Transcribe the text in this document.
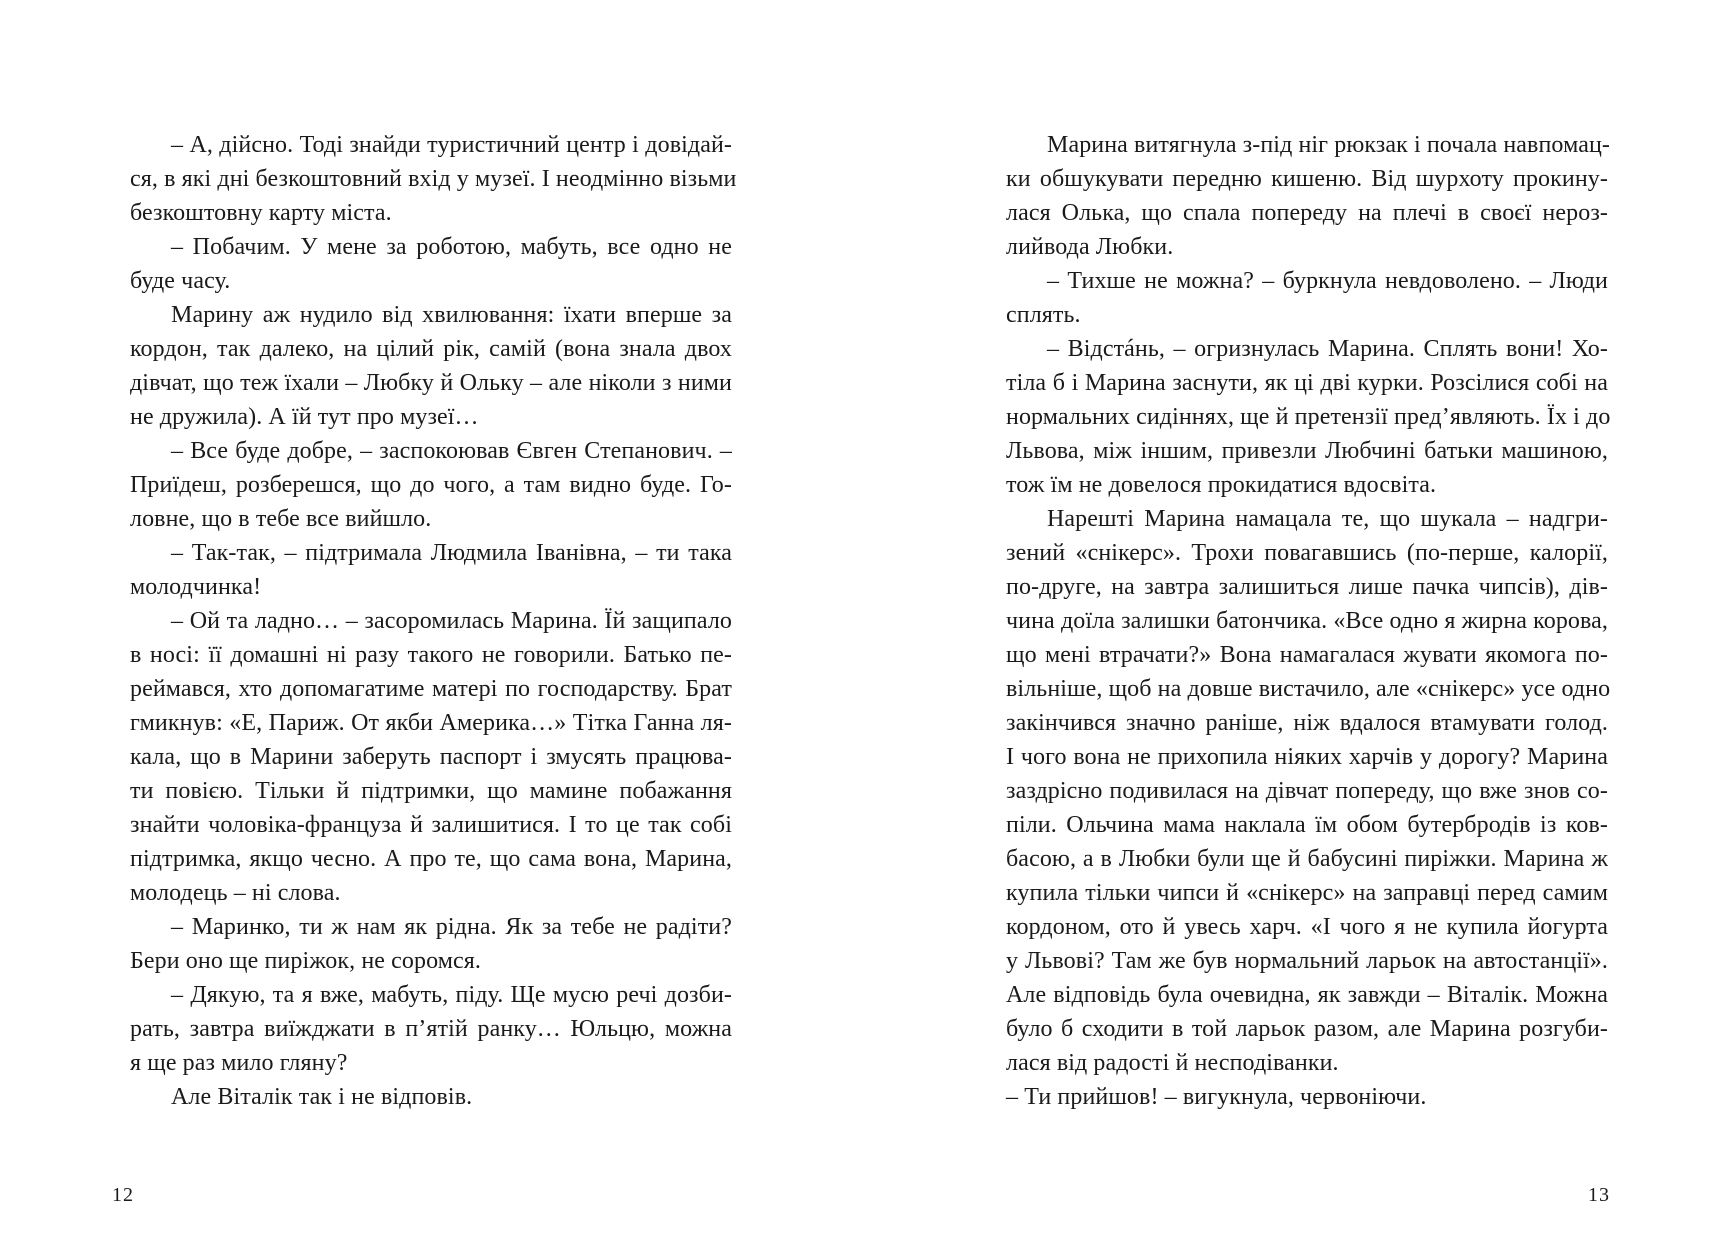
– А, дійсно. Тоді знайди туристичний центр і довідай-
ся, в які дні безкоштовний вхід у музеї. І неодмінно візьми
безкоштовну карту міста.
– Побачим. У мене за роботою, мабуть, все одно не
буде часу.
Марину аж нудило від хвилювання: їхати вперше за
кордон, так далеко, на цілий рік, самій (вона знала двох
дівчат, що теж їхали – Любку й Ольку – але ніколи з ними
не дружила). А їй тут про музеї…
– Все буде добре, – заспокоював Євген Степанович. –
Приїдеш, розберешся, що до чого, а там видно буде. Го-
ловне, що в тебе все вийшло.
– Так-так, – підтримала Людмила Іванівна, – ти така
молодчинка!
– Ой та ладно… – засоромилась Марина. Їй защипало
в носі: її домашні ні разу такого не говорили. Батько пе-
реймався, хто допомагатиме матері по господарству. Брат
гмикнув: «Е, Париж. От якби Америка…» Тітка Ганна ля-
кала, що в Марини заберуть паспорт і змусять працюва-
ти повією. Тільки й підтримки, що мамине побажання
знайти чоловіка-француза й залишитися. І то це так собі
підтримка, якщо чесно. А про те, що сама вона, Марина,
молодець – ні слова.
– Маринко, ти ж нам як рідна. Як за тебе не радіти?
Бери оно ще пиріжок, не соромся.
– Дякую, та я вже, мабуть, піду. Ще мусю речі дозби-
рать, завтра виїжджати в п’ятій ранку… Юльцю, можна
я ще раз мило гляну?
Але Віталік так і не відповів.
12
Марина витягнула з-під ніг рюкзак і почала навпомац-
ки обшукувати передню кишеню. Від шурхоту прокину-
лася Олька, що спала попереду на плечі в своєї нероз-
лийвода Любки.
– Тихше не можна? – буркнула невдоволено. – Люди
сплять.
– Відстáнь, – огризнулась Марина. Сплять вони! Хо-
тіла б і Марина заснути, як ці дві курки. Розсілися собі на
нормальних сидіннях, ще й претензії пред’являють. Їх і до
Львова, між іншим, привезли Любчині батьки машиною,
тож їм не довелося прокидатися вдосвіта.
Нарешті Марина намацала те, що шукала – надгри-
зений «снікерс». Трохи повагавшись (по-перше, калорії,
по-друге, на завтра залишиться лише пачка чипсів), дів-
чина доїла залишки батончика. «Все одно я жирна корова,
що мені втрачати?» Вона намагалася жувати якомога по-
вільніше, щоб на довше вистачило, але «снікерс» усе одно
закінчився значно раніше, ніж вдалося втамувати голод.
І чого вона не прихопила ніяких харчів у дорогу? Марина
заздрісно подивилася на дівчат попереду, що вже знов со-
піли. Ольчина мама наклала їм обом бутербродів із ков-
басою, а в Любки були ще й бабусині пиріжки. Марина ж
купила тільки чипси й «снікерс» на заправці перед самим
кордоном, ото й увесь харч. «І чого я не купила йогурта
у Львові? Там же був нормальний ларьок на автостанції».
Але відповідь була очевидна, як завжди – Віталік. Можна
було б сходити в той ларьок разом, але Марина розгуби-
лася від радості й несподіванки.
– Ти прийшов! – вигукнула, червоніючи.
13
